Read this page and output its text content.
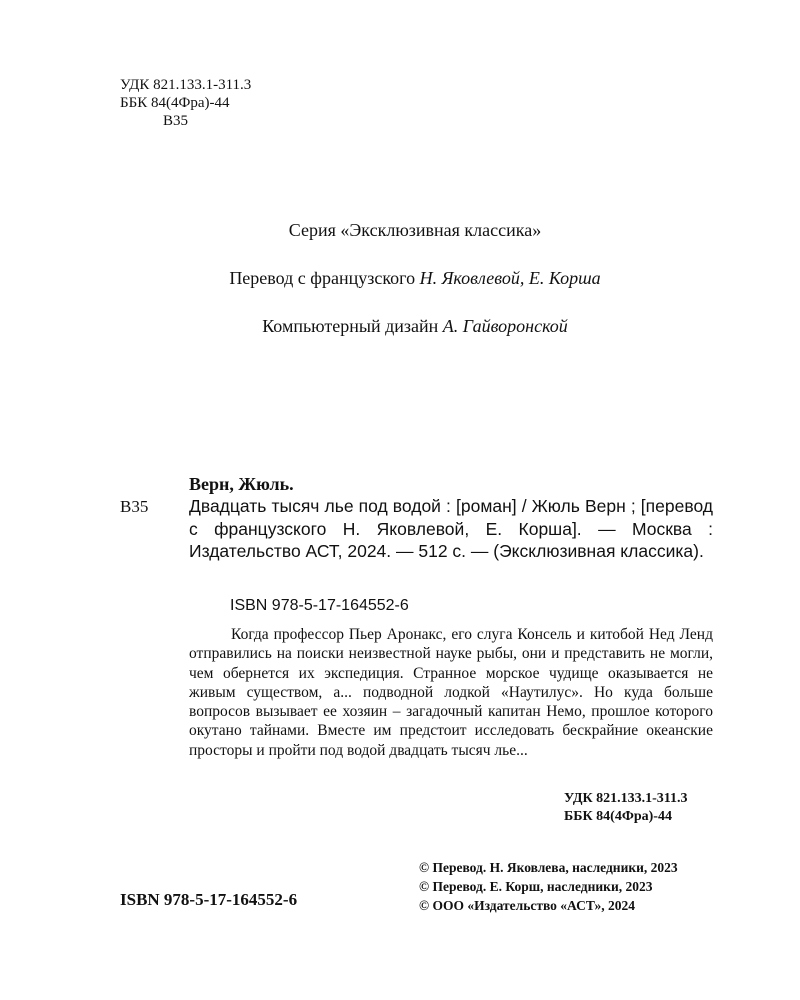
УДК 821.133.1-311.3
ББК 84(4Фра)-44
В35
Серия «Эксклюзивная классика»
Перевод с французского Н. Яковлевой, Е. Корша
Компьютерный дизайн А. Гайворонской
Верн, Жюль.
В35 Двадцать тысяч лье под водой : [роман] / Жюль Верн ; [перевод с французского Н. Яковлевой, Е. Корша]. — Москва : Издательство АСТ, 2024. — 512 с. — (Эксклюзивная классика).
ISBN 978-5-17-164552-6
Когда профессор Пьер Аронакс, его слуга Консель и китобой Нед Ленд отправились на поиски неизвестной науке рыбы, они и представить не могли, чем обернется их экспедиция. Странное морское чудище оказывается не живым существом, а... подводной лодкой «Наутилус». Но куда больше вопросов вызывает ее хозяин – загадочный капитан Немо, прошлое которого окутано тайнами. Вместе им предстоит исследовать бескрайние океанские просторы и пройти под водой двадцать тысяч лье...
УДК 821.133.1-311.3
ББК 84(4Фра)-44
ISBN 978-5-17-164552-6
© Перевод. Н. Яковлева, наследники, 2023
© Перевод. Е. Корш, наследники, 2023
© ООО «Издательство «АСТ», 2024
